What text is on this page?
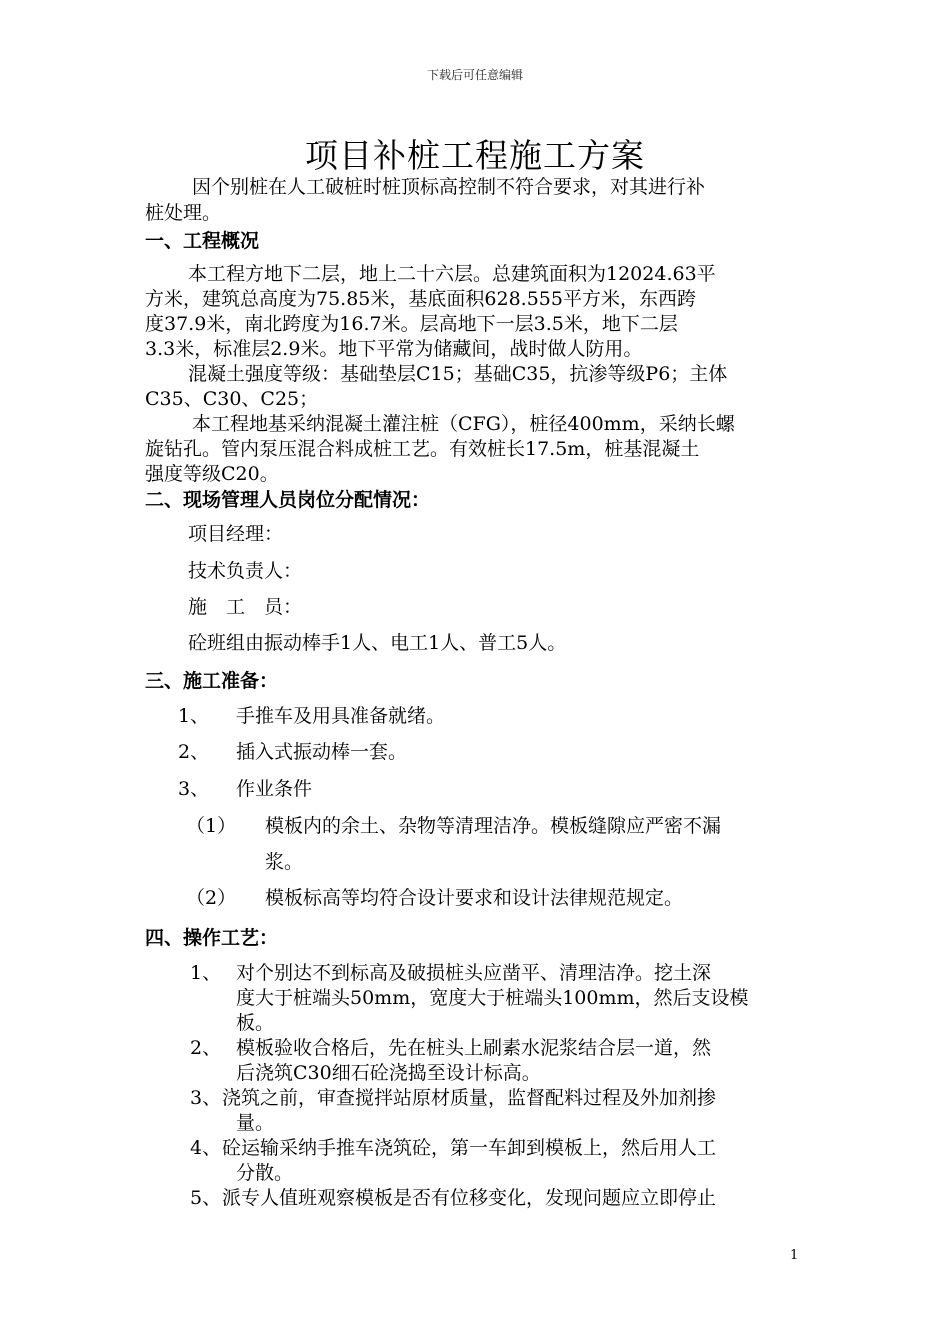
下载后可任意编辑
项目补桩工程施工方案
因个别桩在人工破桩时桩顶标高控制不符合要求，对其进行补
桩处理。
一、工程概况
本工程方地下二层，地上二十六层。总建筑面积为12024.63平
方米，建筑总高度为75.85米，基底面积628.555平方米，东西跨
度37.9米，南北跨度为16.7米。层高地下一层3.5米，地下二层
3.3米，标准层2.9米。地下平常为储藏间，战时做人防用。
混凝土强度等级：基础垫层C15；基础C35，抗渗等级P6；主体
C35、C30、C25；
本工程地基采纳混凝土灌注桩（CFG），桩径400mm，采纳长螺
旋钻孔。管内泵压混合料成桩工艺。有效桩长17.5m，桩基混凝土
强度等级C20。
二、现场管理人员岗位分配情况：
项目经理：
技术负责人：
施　工　员：
砼班组由振动棒手1人、电工1人、普工5人。
三、施工准备：
1、 手推车及用具准备就绪。
2、 插入式振动棒一套。
3、 作业条件
（1） 模板内的余土、杂物等清理洁净。模板缝隙应严密不漏
浆。
（2） 模板标高等均符合设计要求和设计法律规范规定。
四、操作工艺：
1、 对个别达不到标高及破损桩头应凿平、清理洁净。挖土深
度大于桩端头50mm，宽度大于桩端头100mm，然后支设模
板。
2、 模板验收合格后，先在桩头上刷素水泥浆结合层一道，然
后浇筑C30细石砼浇捣至设计标高。
3、 浇筑之前，审查搅拌站原材质量，监督配料过程及外加剂掺
量。
4、 砼运输采纳手推车浇筑砼，第一车卸到模板上，然后用人工
分散。
5、 派专人值班观察模板是否有位移变化，发现问题应立即停止
1
